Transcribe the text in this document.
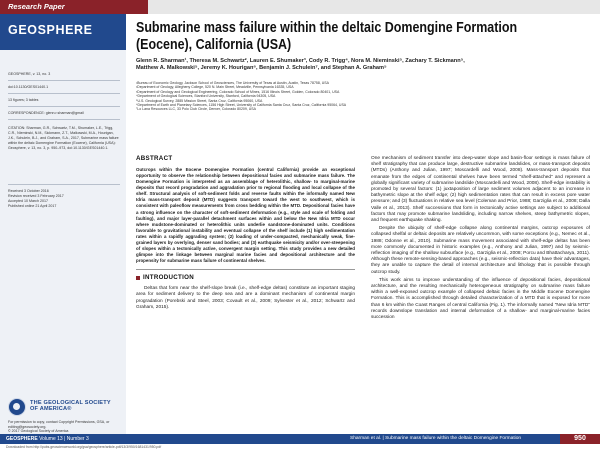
Research Paper
GEOSPHERE
GEOSPHERE, v. 13, no. 3
doi:10.1130/GES01440.1
13 figures; 3 tables
CORRESPONDENCE: glenn.r.sharman@gmail
CITATION: Sharman, G.R., Schwartz, T.M., Shumaker, L.E., Trigg, C.R., Nieminski, N.M., Sickmann, Z.T., Malkowski, M.A., Hourigan, J.K., Schulein, B.J., and Graham, S.A., 2017, Submarine mass failure within the deltaic Domengine Formation (Eocene), California (USA): Geosphere, v. 13, no. 3, p. 950–973, doi:10.1130/GES01440.1.
Received 3 October 2016
Revision received 3 February 2017
Accepted 10 March 2017
Published online 21 April 2017
THE GEOLOGICAL SOCIETY OF AMERICA®
For permission to copy, contact Copyright Permissions, GSA, or editing@geosociety.org.
© 2017 Geological Society of America
Submarine mass failure within the deltaic Domengine Formation
(Eocene), California (USA)
Glenn R. Sharman¹, Theresa M. Schwartz², Lauren E. Shumaker³, Cody R. Trigg⁴, Nora M. Nieminski⁵, Zachary T. Sickmann⁵,
Matthew A. Malkowski⁵, Jeremy K. Hourigan⁶, Benjamin J. Schulein⁷, and Stephan A. Graham⁵
¹Bureau of Economic Geology, Jackson School of Geosciences, The University of Texas at Austin, Austin, Texas 78758, USA
²Department of Geology, Allegheny College, 520 N. Main Street, Meadville, Pennsylvania 16335, USA
³Department of Geology and Geological Engineering, Colorado School of Mines, 1516 Illinois Street, Golden, Colorado 80401, USA
⁴Department of Geological Sciences, Stanford University, Stanford, California 94305, USA
⁵U.S. Geological Survey, 2885 Mission Street, Santa Cruz, California 95060, USA
⁶Department of Earth and Planetary Sciences, 1156 High Street, University of California Santa Cruz, Santa Cruz, California 95064, USA
⁷Lo Lana Resources LLC, 33 Polo Club Circle, Denver, Colorado 80209, USA
ABSTRACT
Outcrops within the Eocene Domengine Formation (central California) provide an exceptional opportunity to observe the relationship between depositional facies and submarine mass failure. The Domengine Formation is interpreted as an assemblage of heterolithic, shallow- to marginal-marine deposits that record progradation and aggradation prior to regional flooding and local collapse of the shelf. Structural analysis of soft-sediment folds and reverse faults within the informally named New Idria mass-transport deposit (MTD) suggests transport toward the west to southwest, which is consistent with paleoflow measurements from cross bedding within the MTD. Depositional facies have a strong influence on the character of soft-sediment deformation (e.g., style and scale of folding and faulting), and major layer-parallel detachment surfaces within and below the New Idria MTD occur where mudstone-dominated or heterolithic units underlie sandstone-dominated units. Conditions favorable to gravitational instability and eventual collapse of the shelf include (1) high sedimentation rates within a rapidly aggrading system; (2) loading of under-compacted, mechanically weak, fine-grained layers by overlying, denser sand bodies; and (3) earthquake seismicity and/or over-steepening of slopes within a tectonically active, convergent margin setting. This study provides a new detailed glimpse into the linkage between marginal marine facies and depositional architecture and the propensity for submarine mass failure of continental shelves.
INTRODUCTION
Deltas that form near the shelf-slope break (i.e., shelf-edge deltas) constitute an important staging area for sediment delivery to the deep sea and are a dominant mechanism of continental margin progradation (Porebski and Steel, 2003; Covault et al., 2009; Sylvester et al., 2012; Schwartz and Graham, 2015).
One mechanism of sediment transfer into deep-water slope and basin-floor settings is mass failure of shelf stratigraphy that can produce large, destructive submarine landslides, or mass-transport deposits (MTDs) (Anthony and Julian, 1997; Moscardelli and Wood, 2008). Mass-transport deposits that emanate from the edges of continental shelves have been termed "shelf-attached" and represent a globally significant variety of submarine landslide (Moscardelli and Wood, 2008). Shelf-edge instability is promoted by several factors: (1) juxtaposition of large sediment volumes adjacent to an increase in bathymetric slope at the shelf edge; (2) high sedimentation rates that can result in excess pore water pressure; and (3) fluctuations in relative sea level (Coleman and Prior, 1988; Garziglia et al., 2008; Dalla Valle et al., 2013). Shelf successions that form in tectonically active settings are subject to additional factors that may promote submarine landsliding, including narrow shelves, steep bathymetric slopes, and frequent earthquake shaking.
Despite the ubiquity of shelf-edge collapse along continental margins, outcrop exposures of collapsed shelfal or deltaic deposits are relatively uncommon, with some exceptions (e.g., Nemec et al., 1988; Odonne et al., 2010). Submarine mass movement associated with shelf-edge deltas has been more commonly documented in historic examples (e.g., Anthony and Julian, 1997) and by seismic-reflection imaging of the shallow subsurface (e.g., Garziglia et al., 2008; Porcu and Bhattacharya, 2011). Although these remote-sensing-based approaches (e.g., seismic-reflection data) have their advantages, they are unable to capture the detail of internal architecture and lithology that is possible through outcrop study.
This work aims to improve understanding of the influence of depositional facies, depositional architecture, and the resulting mechanically heterogeneous stratigraphy on submarine mass failure within a well-exposed outcrop example of collapsed deltaic facies in the Middle Eocene Domengine Formation. This is accomplished through detailed characterization of a MTD that is exposed for more than 6 km within the Coast Ranges of central California (Fig. 1). The informally named "New Idria MTD" records downslope translation and internal deformation of a shallow- and marginal-marine facies succession
GEOSPHERE Volume 13 | Number 3	Sharman et al. | Submarine mass failure within the deltaic Domengine Formation	950
Downloaded from http://pubs.geoscienceworld.org/gsa/geosphere/article-pdf/13/3/950/1681431/950.pdf
